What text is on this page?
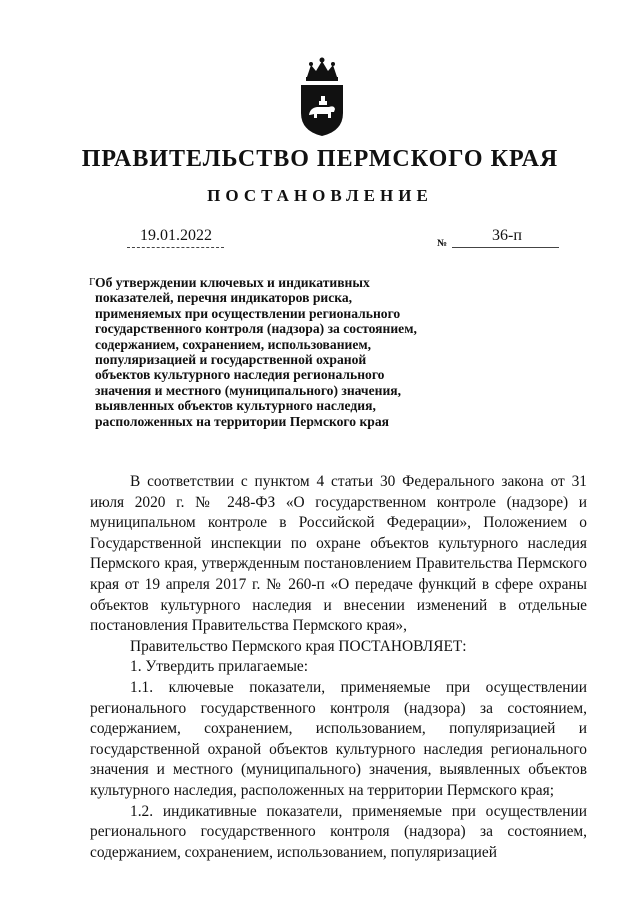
ПРАВИТЕЛЬСТВО ПЕРМСКОГО КРАЯ
ПОСТАНОВЛЕНИЕ
19.01.2022	№	36-п
Г Об утверждении ключевых и индикативных
показателей, перечня индикаторов риска,
применяемых при осуществлении регионального
государственного контроля (надзора) за состоянием,
содержанием, сохранением, использованием,
популяризацией и государственной охраной
объектов культурного наследия регионального
значения и местного (муниципального) значения,
выявленных объектов культурного наследия,
расположенных на территории Пермского края

В соответствии с пунктом 4 статьи 30 Федерального закона от 31 июля 2020 г. № 248-ФЗ «О государственном контроле (надзоре) и муниципальном контроле в Российской Федерации», Положением о Государственной инспекции по охране объектов культурного наследия Пермского края, утвержденным постановлением Правительства Пермского края от 19 апреля 2017 г. № 260-п «О передаче функций в сфере охраны объектов культурного наследия и внесении изменений в отдельные постановления Правительства Пермского края»,

Правительство Пермского края ПОСТАНОВЛЯЕТ:

1. Утвердить прилагаемые:

1.1. ключевые показатели, применяемые при осуществлении регионального государственного контроля (надзора) за состоянием, содержанием, сохранением, использованием, популяризацией и государственной охраной объектов культурного наследия регионального значения и местного (муниципального) значения, выявленных объектов культурного наследия, расположенных на территории Пермского края;

1.2. индикативные показатели, применяемые при осуществлении регионального государственного контроля (надзора) за состоянием, содержанием, сохранением, использованием, популяризацией
